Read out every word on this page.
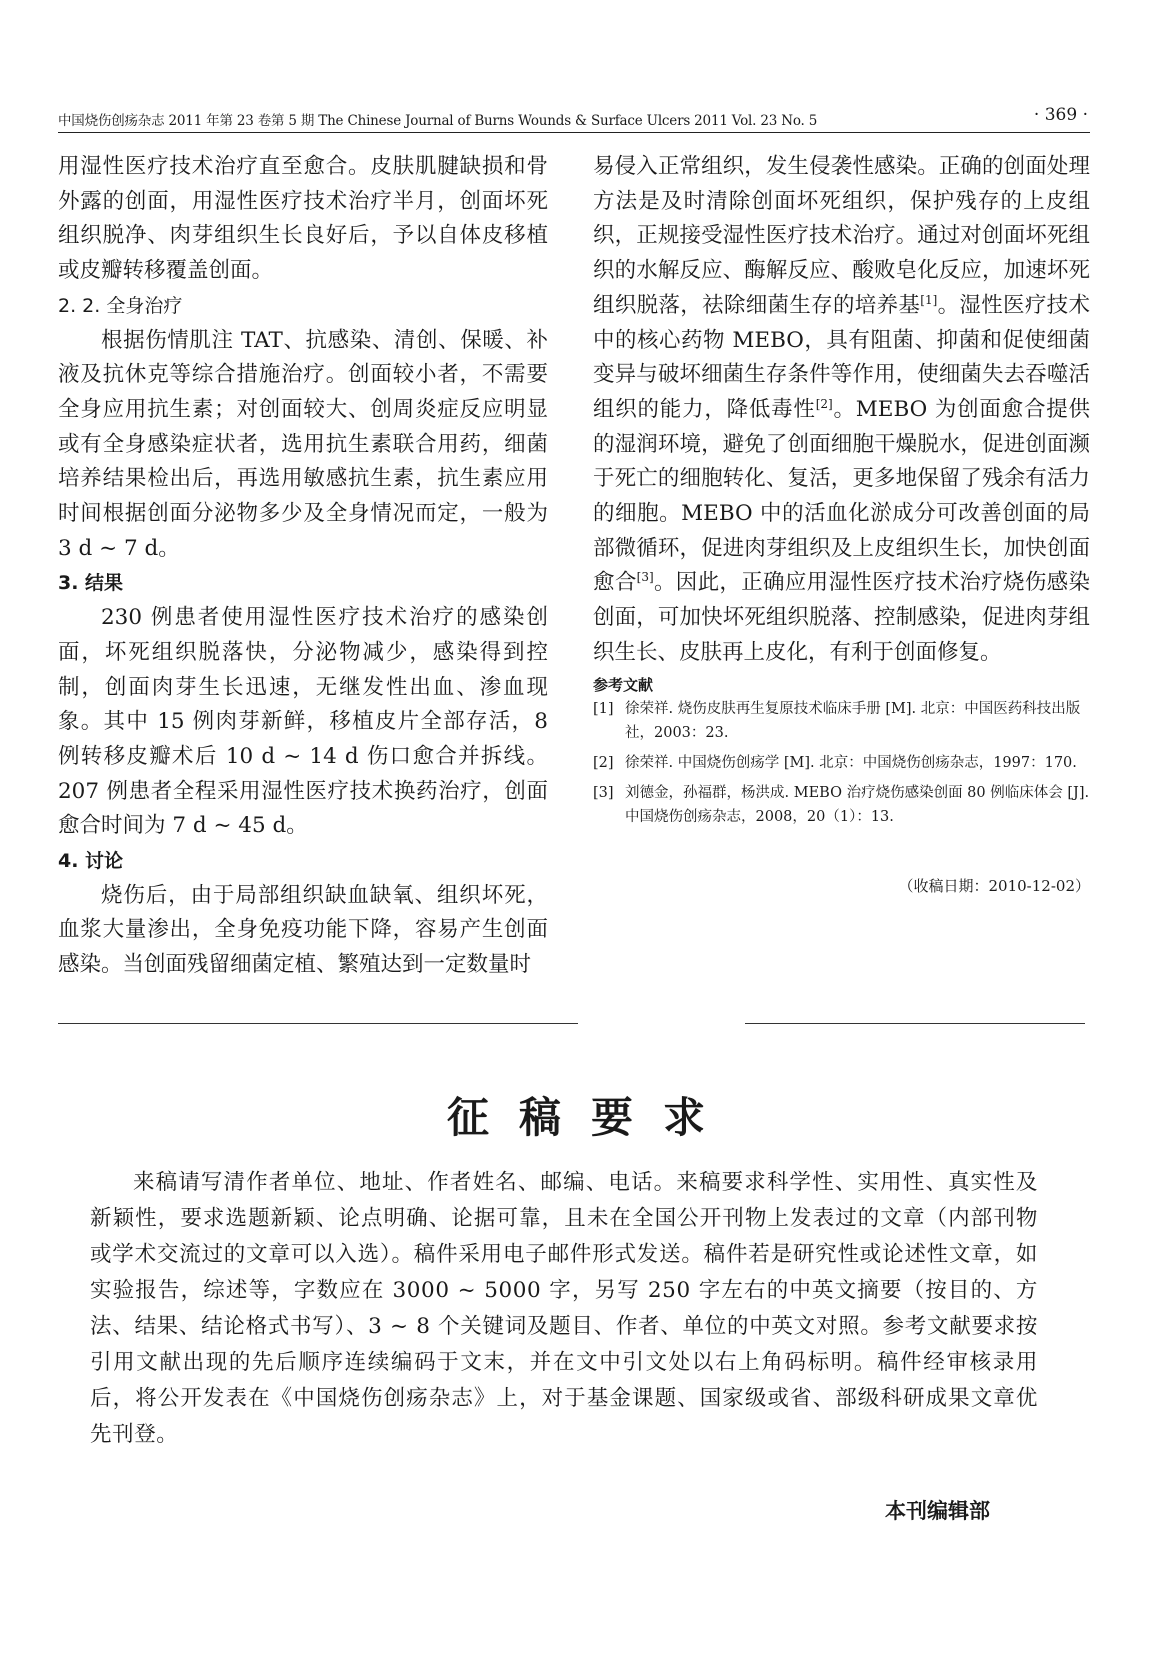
中国烧伤创疡杂志 2011 年第 23 卷第 5 期 The Chinese Journal of Burns Wounds & Surface Ulcers 2011 Vol. 23 No. 5	· 369 ·

用湿性医疗技术治疗直至愈合。皮肤肌腱缺损和骨外露的创面，用湿性医疗技术治疗半月，创面坏死组织脱净、肉芽组织生长良好后，予以自体皮移植或皮瓣转移覆盖创面。

2. 2. 全身治疗

根据伤情肌注 TAT、抗感染、清创、保暖、补液及抗休克等综合措施治疗。创面较小者，不需要全身应用抗生素；对创面较大、创周炎症反应明显或有全身感染症状者，选用抗生素联合用药，细菌培养结果检出后，再选用敏感抗生素，抗生素应用时间根据创面分泌物多少及全身情况而定，一般为 3 d ~ 7 d。

3. 结果

230 例患者使用湿性医疗技术治疗的感染创面，坏死组织脱落快，分泌物减少，感染得到控制，创面肉芽生长迅速，无继发性出血、渗血现象。其中 15 例肉芽新鲜，移植皮片全部存活，8 例转移皮瓣术后 10 d ~ 14 d 伤口愈合并拆线。207 例患者全程采用湿性医疗技术换药治疗，创面愈合时间为 7 d ~ 45 d。

4. 讨论

烧伤后，由于局部组织缺血缺氧、组织坏死，血浆大量渗出，全身免疫功能下降，容易产生创面感染。当创面残留细菌定植、繁殖达到一定数量时

易侵入正常组织，发生侵袭性感染。正确的创面处理方法是及时清除创面坏死组织，保护残存的上皮组织，正规接受湿性医疗技术治疗。通过对创面坏死组织的水解反应、酶解反应、酸败皂化反应，加速坏死组织脱落，祛除细菌生存的培养基[1]。湿性医疗技术中的核心药物 MEBO，具有阻菌、抑菌和促使细菌变异与破坏细菌生存条件等作用，使细菌失去吞噬活组织的能力，降低毒性[2]。MEBO 为创面愈合提供的湿润环境，避免了创面细胞干燥脱水，促进创面濒于死亡的细胞转化、复活，更多地保留了残余有活力的细胞。MEBO 中的活血化淤成分可改善创面的局部微循环，促进肉芽组织及上皮组织生长，加快创面愈合[3]。因此，正确应用湿性医疗技术治疗烧伤感染创面，可加快坏死组织脱落、控制感染，促进肉芽组织生长、皮肤再上皮化，有利于创面修复。

参考文献
[1] 徐荣祥. 烧伤皮肤再生复原技术临床手册 [M]. 北京：中国医药科技出版社，2003：23.
[2] 徐荣祥. 中国烧伤创疡学 [M]. 北京：中国烧伤创疡杂志，1997：170.
[3] 刘德金，孙福群，杨洪成. MEBO 治疗烧伤感染创面 80 例临床体会 [J]. 中国烧伤创疡杂志，2008，20（1）：13.
（收稿日期：2010-12-02）
征稿要求
来稿请写清作者单位、地址、作者姓名、邮编、电话。来稿要求科学性、实用性、真实性及新颖性，要求选题新颖、论点明确、论据可靠，且未在全国公开刊物上发表过的文章（内部刊物或学术交流过的文章可以入选）。稿件采用电子邮件形式发送。稿件若是研究性或论述性文章，如实验报告，综述等，字数应在 3000 ~ 5000 字，另写 250 字左右的中英文摘要（按目的、方法、结果、结论格式书写）、3 ~ 8 个关键词及题目、作者、单位的中英文对照。参考文献要求按引用文献出现的先后顺序连续编码于文末，并在文中引文处以右上角码标明。稿件经审核录用后，将公开发表在《中国烧伤创疡杂志》上，对于基金课题、国家级或省、部级科研成果文章优先刊登。
本刊编辑部
